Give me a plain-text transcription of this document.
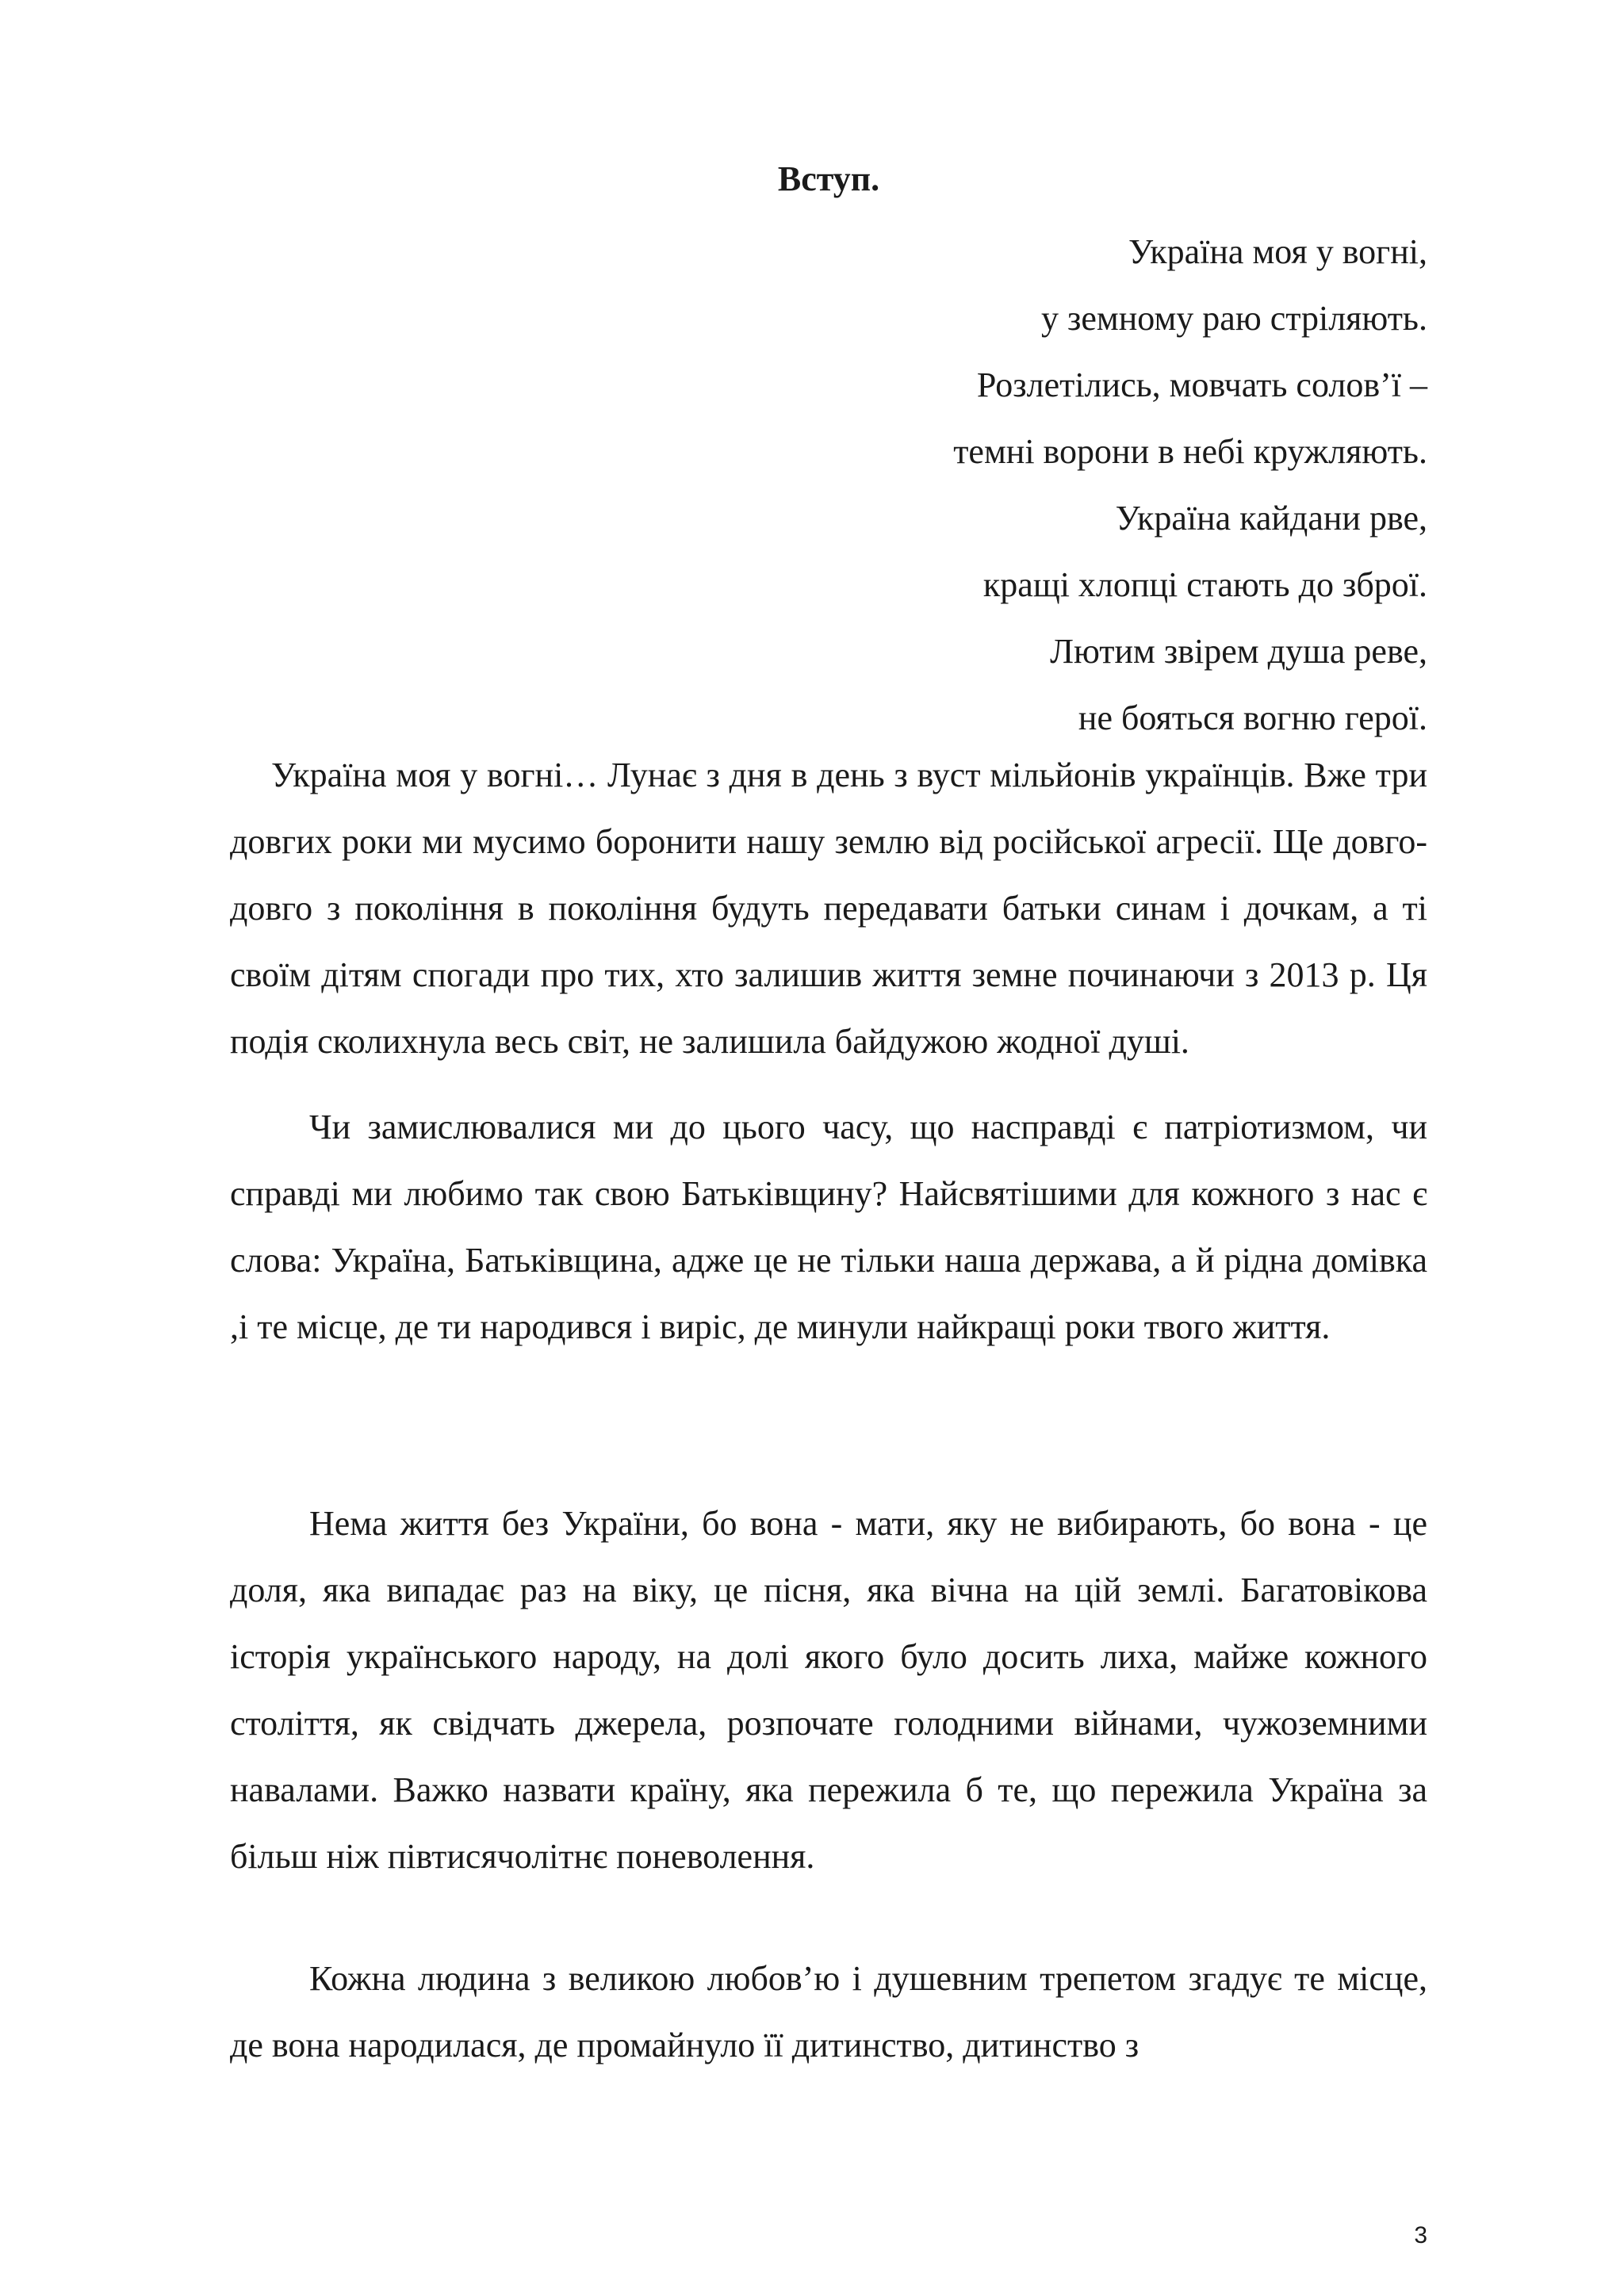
Вступ.
Україна моя у вогні,
у земному раю стріляють.
Розлетілись, мовчать солов’ї –
темні ворони в небі кружляють.
Україна кайдани рве,
кращі хлопці стають до зброї.
Лютим звірем душа реве,
не боятьcя вогню герої.

Україна моя у вогні… Лунає з дня в день з вуст мільйонів українців. Вже три довгих роки ми мусимо боронити нашу землю від російської агресії. Ще довго-довго з покоління в покоління будуть передавати батьки синам і дочкам, а ті своїм дітям спогади про тих, хто залишив життя земне починаючи з 2013 р. Ця подія сколихнула весь світ, не залишила байдужою жодної душі.

Чи замислювалися ми до цього часу, що насправді є патріотизмом, чи справді ми любимо так свою Батьківщину? Найсвятішими для кожного з нас є слова: Україна, Батьківщина, адже це не тільки наша держава, а й рідна домівка ,і те місце, де ти народився і виріс, де минули найкращі роки твого життя.

Нема життя без України, бо вона - мати, яку не вибирають, бо вона - це доля, яка випадає раз на віку, це пісня, яка вічна на цій землі. Багатовікова історія українського народу, на долі якого було досить лиха, майже кожного століття, як свідчать джерела, розпочате голодними війнами, чужоземними навалами. Важко назвати країну, яка пережила б те, що пережила Україна за більш ніж півтисячолітнє поневолення.

Кожна людина з великою любов’ю і душевним трепетом згадує те місце, де вона народилася, де промайнуло її дитинство, дитинство з

3
